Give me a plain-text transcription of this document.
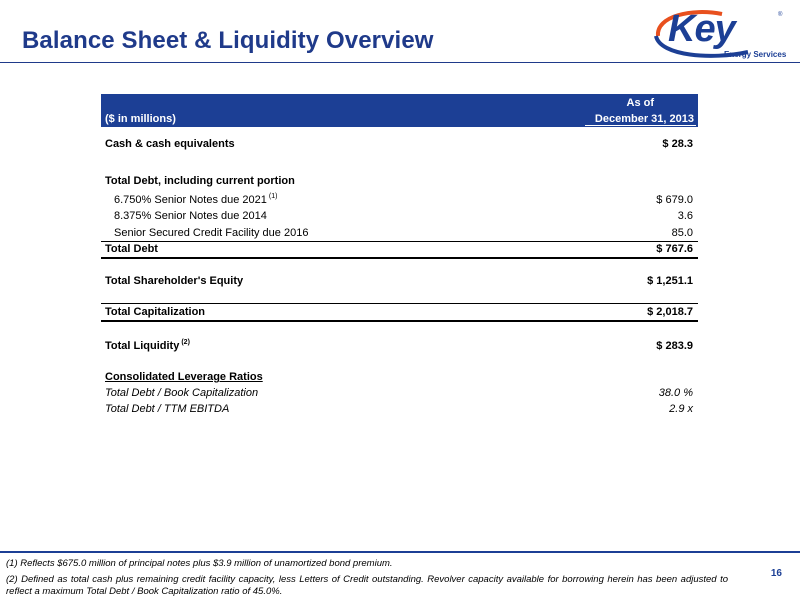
Balance Sheet & Liquidity Overview	Key	®
Energy Services
($ in millions)
As of
December 31, 2013
Cash & cash equivalents	$ 28.3
Total Debt, including current portion
6.750% Senior Notes due 2021 $^{(1)}$	$ 679.0
8.375% Senior Notes due 2014	3.6
Senior Secured Credit Facility due 2016	85.0
Total Debt	$ 767.6
Total Shareholder's Equity	$ 1,251.1
Total Capitalization	$ 2,018.7
Total Liquidity $^{(2)}$	$ 283.9
Consolidated Leverage Ratios
Total Debt / Book Capitalization	38.0 %
Total Debt / TTM EBITDA	2.9 x
(1) Reflects $675.0 million of principal notes plus $3.9 million of unamortized bond premium.
(2) Defined as total cash plus remaining credit facility capacity, less Letters of Credit outstanding. Revolver capacity available for borrowing herein has been adjusted to reflect a maximum Total Debt / Book Capitalization ratio of 45.0%.
16
